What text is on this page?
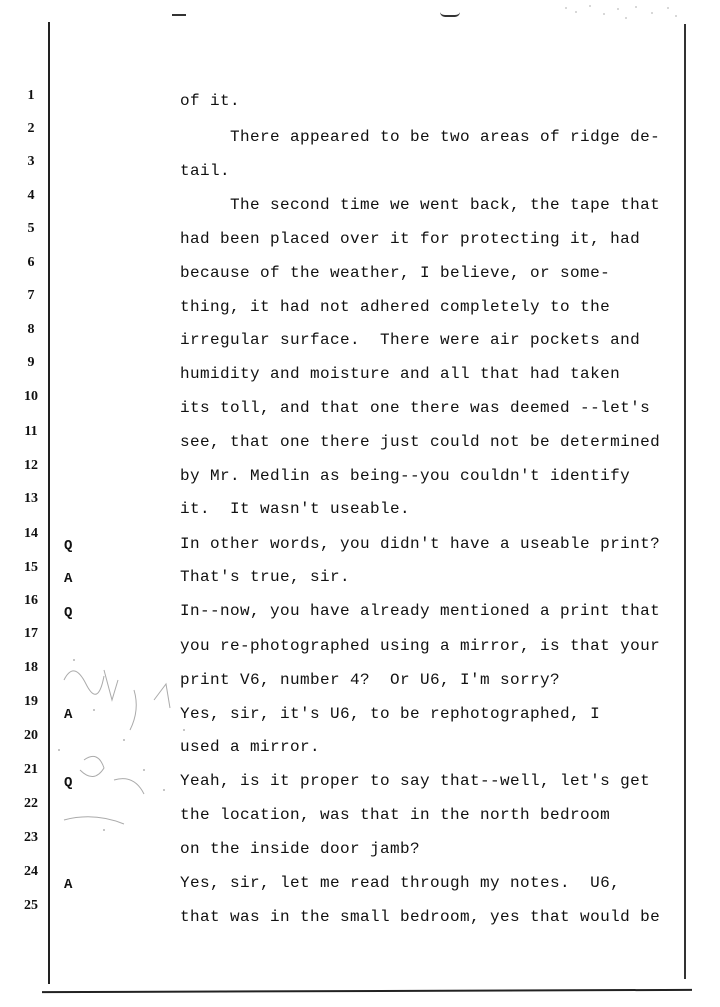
1
2
3
4
5
6
7
8
9
10
11
12
13
14
15
16
17
18
19
20
21
22
23
24
25
Q
A
Q
A
Q
A
of it.
There appeared to be two areas of ridge de-
tail.
The second time we went back, the tape that
had been placed over it for protecting it, had
because of the weather, I believe, or some-
thing, it had not adhered completely to the
irregular surface.  There were air pockets and
humidity and moisture and all that had taken
its toll, and that one there was deemed --let's
see, that one there just could not be determined
by Mr. Medlin as being--you couldn't identify
it.  It wasn't useable.
In other words, you didn't have a useable print?
That's true, sir.
In--now, you have already mentioned a print that
you re-photographed using a mirror, is that your
print V6, number 4?  Or U6, I'm sorry?
Yes, sir, it's U6, to be rephotographed, I
used a mirror.
Yeah, is it proper to say that--well, let's get
the location, was that in the north bedroom
on the inside door jamb?
Yes, sir, let me read through my notes.  U6,
that was in the small bedroom, yes that would be
